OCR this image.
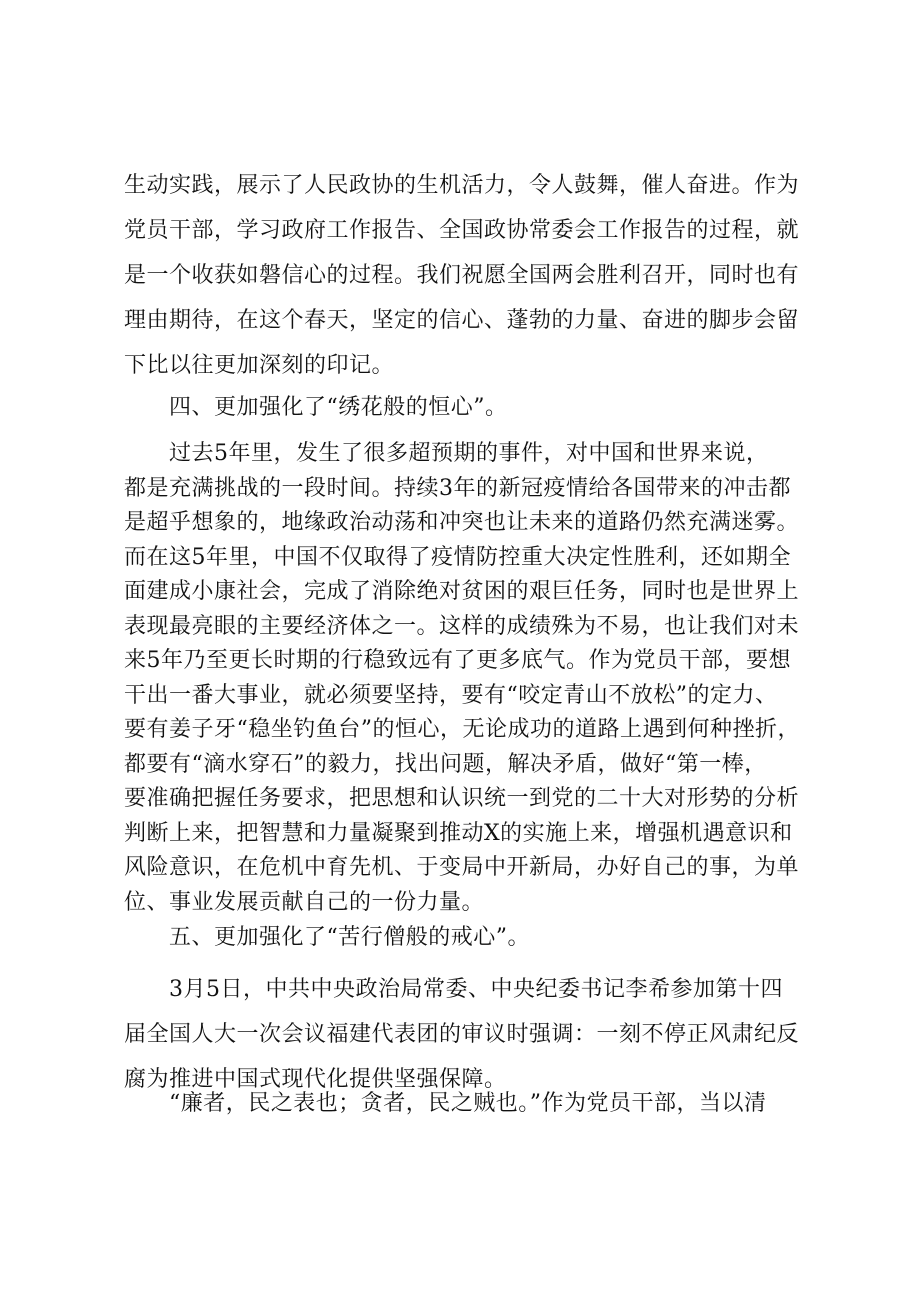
生动实践，展示了人民政协的生机活力，令人鼓舞，催人奋进。作为
党员干部，学习政府工作报告、全国政协常委会工作报告的过程，就
是一个收获如磐信心的过程。我们祝愿全国两会胜利召开，同时也有
理由期待，在这个春天，坚定的信心、蓬勃的力量、奋进的脚步会留
下比以往更加深刻的印记。
　　四、更加强化了“绣花般的恒心”。
　　过去5年里，发生了很多超预期的事件，对中国和世界来说，
都是充满挑战的一段时间。持续3年的新冠疫情给各国带来的冲击都
是超乎想象的，地缘政治动荡和冲突也让未来的道路仍然充满迷雾。
而在这5年里，中国不仅取得了疫情防控重大决定性胜利，还如期全
面建成小康社会，完成了消除绝对贫困的艰巨任务，同时也是世界上
表现最亮眼的主要经济体之一。这样的成绩殊为不易，也让我们对未
来5年乃至更长时期的行稳致远有了更多底气。作为党员干部，要想
干出一番大事业，就必须要坚持，要有“咬定青山不放松”的定力、
要有姜子牙“稳坐钓鱼台”的恒心，无论成功的道路上遇到何种挫折，
都要有“滴水穿石”的毅力，找出问题，解决矛盾，做好“第一棒，
要准确把握任务要求，把思想和认识统一到党的二十大对形势的分析
判断上来，把智慧和力量凝聚到推动X的实施上来，增强机遇意识和
风险意识，在危机中育先机、于变局中开新局，办好自己的事，为单
位、事业发展贡献自己的一份力量。
　　五、更加强化了“苦行僧般的戒心”。
　　3月5日，中共中央政治局常委、中央纪委书记李希参加第十四
届全国人大一次会议福建代表团的审议时强调：一刻不停正风肃纪反
腐为推进中国式现代化提供坚强保障。
　　“廉者，民之表也；贪者，民之贼也。”作为党员干部，当以清
